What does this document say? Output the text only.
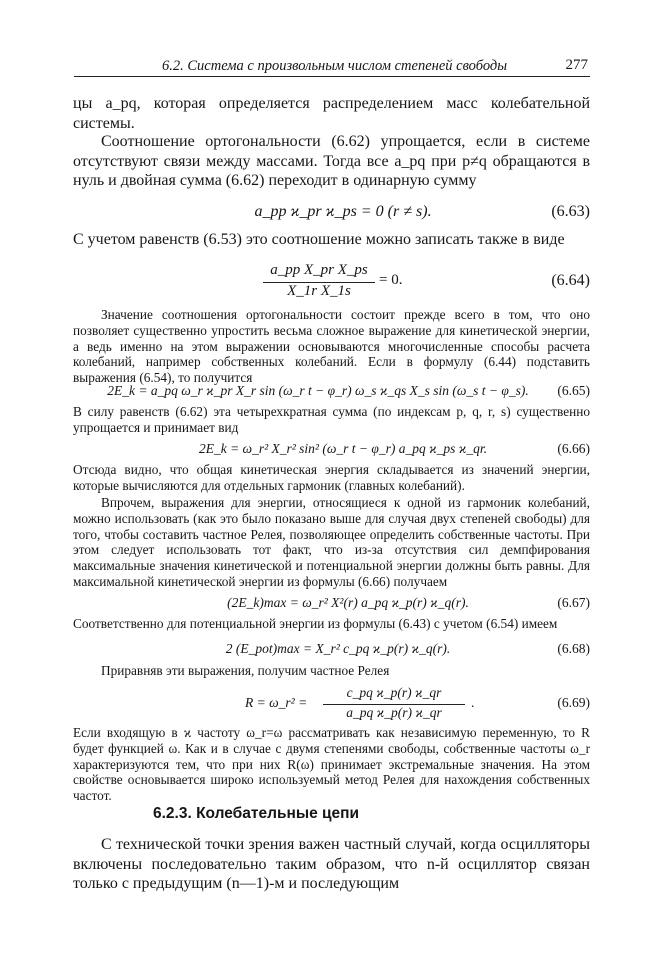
6.2. Система с произвольным числом степеней свободы	277

цы a_pq, которая определяется распределением масс колебательной системы.

Соотношение ортогональности (6.62) упрощается, если в системе отсутствуют связи между массами. Тогда все a_pq при p≠q обращаются в нуль и двойная сумма (6.62) переходит в одинарную сумму

a_pp ϰ_pr ϰ_ps = 0 (r ≠ s).	(6.63)

С учетом равенств (6.53) это соотношение можно записать также в виде

a_pp X_pr X_ps
X_1r X_1s
= 0.	(6.64)

Значение соотношения ортогональности состоит прежде всего в том, что оно позволяет существенно упростить весьма сложное выражение для кинетической энергии, а ведь именно на этом выражении основываются многочисленные способы расчета колебаний, например собственных колебаний. Если в формулу (6.44) подставить выражения (6.54), то получится

2E_k = a_pq ω_r ϰ_pr X_r sin (ω_r t − φ_r) ω_s ϰ_qs X_s sin (ω_s t − φ_s).	(6.65)

В силу равенств (6.62) эта четырехкратная сумма (по индексам p, q, r, s) существенно упрощается и принимает вид

2E_k = ω_r² X_r² sin² (ω_r t − φ_r) a_pq ϰ_ps ϰ_qr.	(6.66)

Отсюда видно, что общая кинетическая энергия складывается из значений энергии, которые вычисляются для отдельных гармоник (главных колебаний).

Впрочем, выражения для энергии, относящиеся к одной из гармоник колебаний, можно использовать (как это было показано выше для случая двух степеней свободы) для того, чтобы составить частное Релея, позволяющее определить собственные частоты. При этом следует использовать тот факт, что из-за отсутствия сил демпфирования максимальные значения кинетической и потенциальной энергии должны быть равны. Для максимальной кинетической энергии из формулы (6.66) получаем

(2E_k)max = ω_r² X²(r) a_pq ϰ_p(r) ϰ_q(r).	(6.67)

Соответственно для потенциальной энергии из формулы (6.43) с учетом (6.54) имеем

2 (E_pot)max = X_r² c_pq ϰ_p(r) ϰ_q(r).	(6.68)

Приравняв эти выражения, получим частное Релея

R = ω_r² =
c_pq ϰ_p(r) ϰ_qr
a_pq ϰ_p(r) ϰ_qr
.	(6.69)

Если входящую в ϰ частоту ω_r=ω рассматривать как независимую переменную, то R будет функцией ω. Как и в случае с двумя степенями свободы, собственные частоты ω_r характеризуются тем, что при них R(ω) принимает экстремальные значения. На этом свойстве основывается широко используемый метод Релея для нахождения собственных частот.

6.2.3. Колебательные цепи

С технической точки зрения важен частный случай, когда осцилляторы включены последовательно таким образом, что n-й осциллятор связан только с предыдущим (n—1)-м и последующим
